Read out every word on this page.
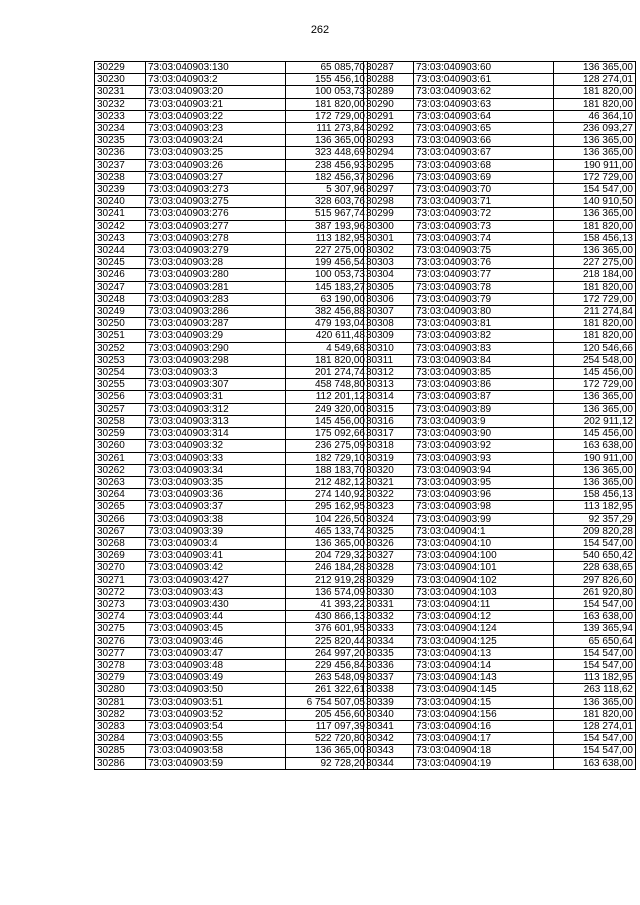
262
30229	73:03:040903:130	65 085,70
30230	73:03:040903:2	155 456,10
30231	73:03:040903:20	100 053,73
30232	73:03:040903:21	181 820,00
30233	73:03:040903:22	172 729,00
30234	73:03:040903:23	111 273,84
30235	73:03:040903:24	136 365,00
30236	73:03:040903:25	323 448,69
30237	73:03:040903:26	238 456,93
30238	73:03:040903:27	182 456,37
30239	73:03:040903:273	5 307,96
30240	73:03:040903:275	328 603,76
30241	73:03:040903:276	515 967,74
30242	73:03:040903:277	387 193,96
30243	73:03:040903:278	113 182,95
30244	73:03:040903:279	227 275,00
30245	73:03:040903:28	199 456,54
30246	73:03:040903:280	100 053,73
30247	73:03:040903:281	145 183,27
30248	73:03:040903:283	63 190,00
30249	73:03:040903:286	382 456,88
30250	73:03:040903:287	479 193,04
30251	73:03:040903:29	420 611,48
30252	73:03:040903:290	4 549,68
30253	73:03:040903:298	181 820,00
30254	73:03:040903:3	201 274,74
30255	73:03:040903:307	458 748,80
30256	73:03:040903:31	112 201,12
30257	73:03:040903:312	249 320,00
30258	73:03:040903:313	145 456,00
30259	73:03:040903:314	175 092,66
30260	73:03:040903:32	236 275,09
30261	73:03:040903:33	182 729,10
30262	73:03:040903:34	188 183,70
30263	73:03:040903:35	212 482,12
30264	73:03:040903:36	274 140,92
30265	73:03:040903:37	295 162,95
30266	73:03:040903:38	104 226,50
30267	73:03:040903:39	465 133,74
30268	73:03:040903:4	136 365,00
30269	73:03:040903:41	204 729,32
30270	73:03:040903:42	246 184,28
30271	73:03:040903:427	212 919,28
30272	73:03:040903:43	136 574,09
30273	73:03:040903:430	41 393,22
30274	73:03:040903:44	430 866,13
30275	73:03:040903:45	376 601,95
30276	73:03:040903:46	225 820,44
30277	73:03:040903:47	264 997,20
30278	73:03:040903:48	229 456,84
30279	73:03:040903:49	263 548,09
30280	73:03:040903:50	261 322,61
30281	73:03:040903:51	6 754 507,05
30282	73:03:040903:52	205 456,60
30283	73:03:040903:54	117 097,39
30284	73:03:040903:55	522 720,80
30285	73:03:040903:58	136 365,00
30286	73:03:040903:59	92 728,20
30287	73:03:040903:60	136 365,00
30288	73:03:040903:61	128 274,01
30289	73:03:040903:62	181 820,00
30290	73:03:040903:63	181 820,00
30291	73:03:040903:64	46 364,10
30292	73:03:040903:65	236 093,27
30293	73:03:040903:66	136 365,00
30294	73:03:040903:67	136 365,00
30295	73:03:040903:68	190 911,00
30296	73:03:040903:69	172 729,00
30297	73:03:040903:70	154 547,00
30298	73:03:040903:71	140 910,50
30299	73:03:040903:72	136 365,00
30300	73:03:040903:73	181 820,00
30301	73:03:040903:74	158 456,13
30302	73:03:040903:75	136 365,00
30303	73:03:040903:76	227 275,00
30304	73:03:040903:77	218 184,00
30305	73:03:040903:78	181 820,00
30306	73:03:040903:79	172 729,00
30307	73:03:040903:80	211 274,84
30308	73:03:040903:81	181 820,00
30309	73:03:040903:82	181 820,00
30310	73:03:040903:83	120 546,66
30311	73:03:040903:84	254 548,00
30312	73:03:040903:85	145 456,00
30313	73:03:040903:86	172 729,00
30314	73:03:040903:87	136 365,00
30315	73:03:040903:89	136 365,00
30316	73:03:040903:9	202 911,12
30317	73:03:040903:90	145 456,00
30318	73:03:040903:92	163 638,00
30319	73:03:040903:93	190 911,00
30320	73:03:040903:94	136 365,00
30321	73:03:040903:95	136 365,00
30322	73:03:040903:96	158 456,13
30323	73:03:040903:98	113 182,95
30324	73:03:040903:99	92 357,29
30325	73:03:040904:1	209 820,28
30326	73:03:040904:10	154 547,00
30327	73:03:040904:100	540 650,42
30328	73:03:040904:101	228 638,65
30329	73:03:040904:102	297 826,60
30330	73:03:040904:103	261 920,80
30331	73:03:040904:11	154 547,00
30332	73:03:040904:12	163 638,00
30333	73:03:040904:124	139 365,94
30334	73:03:040904:125	65 650,64
30335	73:03:040904:13	154 547,00
30336	73:03:040904:14	154 547,00
30337	73:03:040904:143	113 182,95
30338	73:03:040904:145	263 118,62
30339	73:03:040904:15	136 365,00
30340	73:03:040904:156	181 820,00
30341	73:03:040904:16	128 274,01
30342	73:03:040904:17	154 547,00
30343	73:03:040904:18	154 547,00
30344	73:03:040904:19	163 638,00
